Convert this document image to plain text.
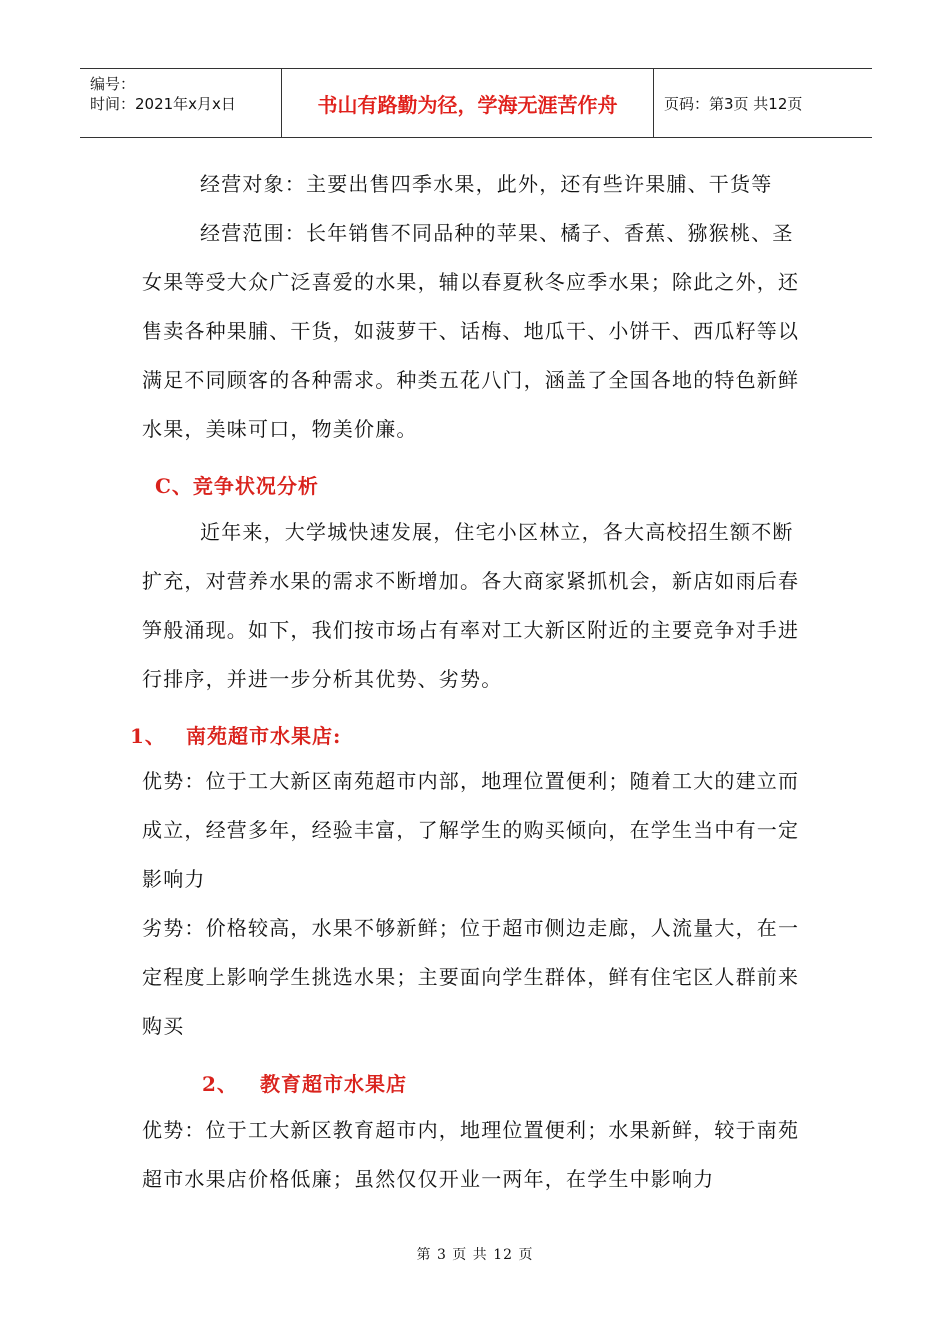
编号：
时间：2021年x月x日	书山有路勤为径，学海无涯苦作舟	页码：第3页 共12页

经营对象：主要出售四季水果，此外，还有些许果脯、干货等

经营范围：长年销售不同品种的苹果、橘子、香蕉、猕猴桃、圣女果等受大众广泛喜爱的水果，辅以春夏秋冬应季水果；除此之外，还售卖各种果脯、干货，如菠萝干、话梅、地瓜干、小饼干、西瓜籽等以满足不同顾客的各种需求。种类五花八门，涵盖了全国各地的特色新鲜水果，美味可口，物美价廉。

C、竞争状况分析

近年来，大学城快速发展，住宅小区林立，各大高校招生额不断扩充，对营养水果的需求不断增加。各大商家紧抓机会，新店如雨后春笋般涌现。如下，我们按市场占有率对工大新区附近的主要竞争对手进行排序，并进一步分析其优势、劣势。

1、 南苑超市水果店:

优势：位于工大新区南苑超市内部，地理位置便利；随着工大的建立而成立，经营多年，经验丰富，了解学生的购买倾向，在学生当中有一定影响力

劣势：价格较高，水果不够新鲜；位于超市侧边走廊，人流量大，在一定程度上影响学生挑选水果；主要面向学生群体，鲜有住宅区人群前来购买

2、 教育超市水果店

优势：位于工大新区教育超市内，地理位置便利；水果新鲜，较于南苑超市水果店价格低廉；虽然仅仅开业一两年，在学生中影响力

第 3 页 共 12 页
